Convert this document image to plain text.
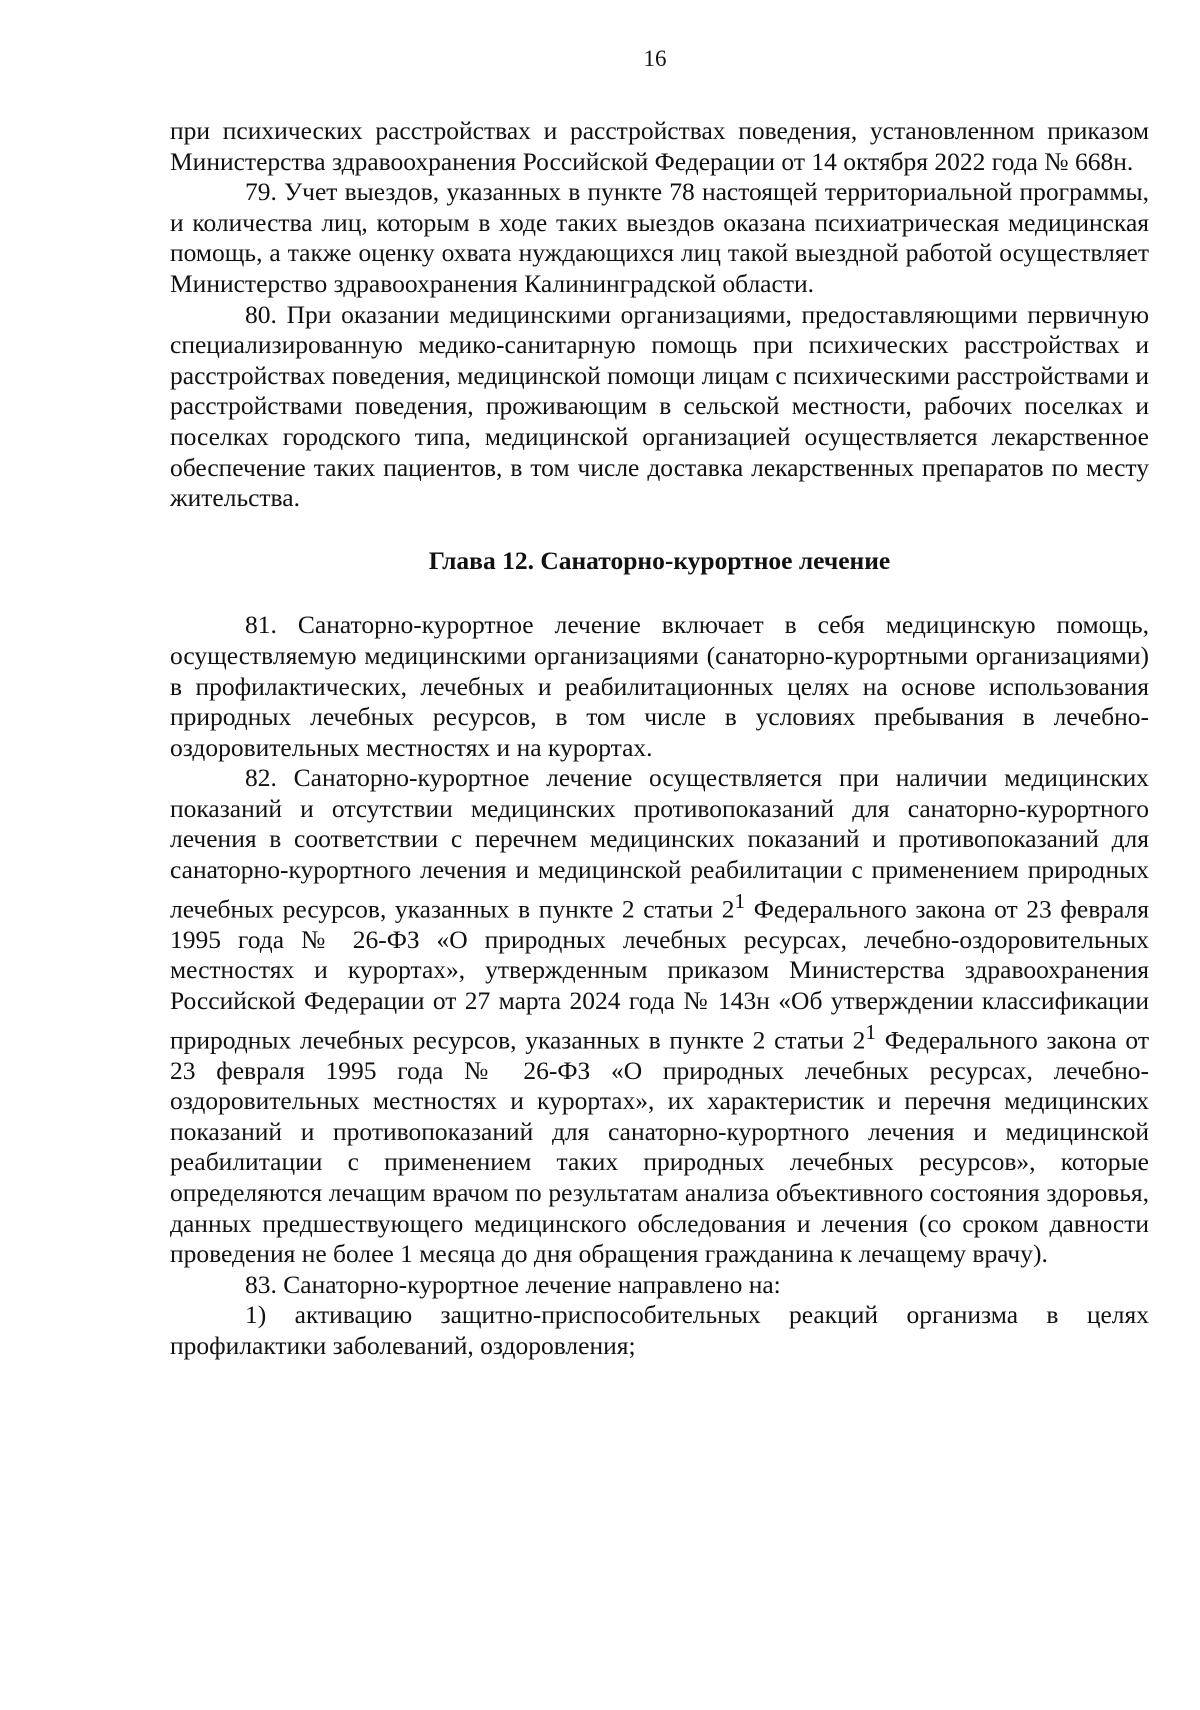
16

при психических расстройствах и расстройствах поведения, установленном приказом Министерства здравоохранения Российской Федерации от 14 октября 2022 года № 668н.

79. Учет выездов, указанных в пункте 78 настоящей территориальной программы, и количества лиц, которым в ходе таких выездов оказана психиатрическая медицинская помощь, а также оценку охвата нуждающихся лиц такой выездной работой осуществляет Министерство здравоохранения Калининградской области.

80. При оказании медицинскими организациями, предоставляющими первичную специализированную медико-санитарную помощь при психических расстройствах и расстройствах поведения, медицинской помощи лицам с психическими расстройствами и расстройствами поведения, проживающим в сельской местности, рабочих поселках и поселках городского типа, медицинской организацией осуществляется лекарственное обеспечение таких пациентов, в том числе доставка лекарственных препаратов по месту жительства.

Глава 12. Санаторно-курортное лечение

81. Санаторно-курортное лечение включает в себя медицинскую помощь, осуществляемую медицинскими организациями (санаторно-курортными организациями) в профилактических, лечебных и реабилитационных целях на основе использования природных лечебных ресурсов, в том числе в условиях пребывания в лечебно-оздоровительных местностях и на курортах.

82. Санаторно-курортное лечение осуществляется при наличии медицинских показаний и отсутствии медицинских противопоказаний для санаторно-курортного лечения в соответствии с перечнем медицинских показаний и противопоказаний для санаторно-курортного лечения и медицинской реабилитации с применением природных лечебных ресурсов, указанных в пункте 2 статьи $2^1$ Федерального закона от 23 февраля 1995 года № 26-ФЗ «О природных лечебных ресурсах, лечебно-оздоровительных местностях и курортах», утвержденным приказом Министерства здравоохранения Российской Федерации от 27 марта 2024 года № 143н «Об утверждении классификации природных лечебных ресурсов, указанных в пункте 2 статьи $2^1$ Федерального закона от 23 февраля 1995 года № 26-ФЗ «О природных лечебных ресурсах, лечебно-оздоровительных местностях и курортах», их характеристик и перечня медицинских показаний и противопоказаний для санаторно-курортного лечения и медицинской реабилитации с применением таких природных лечебных ресурсов», которые определяются лечащим врачом по результатам анализа объективного состояния здоровья, данных предшествующего медицинского обследования и лечения (со сроком давности проведения не более 1 месяца до дня обращения гражданина к лечащему врачу).

83. Санаторно-курортное лечение направлено на:

1) активацию защитно-приспособительных реакций организма в целях профилактики заболеваний, оздоровления;
